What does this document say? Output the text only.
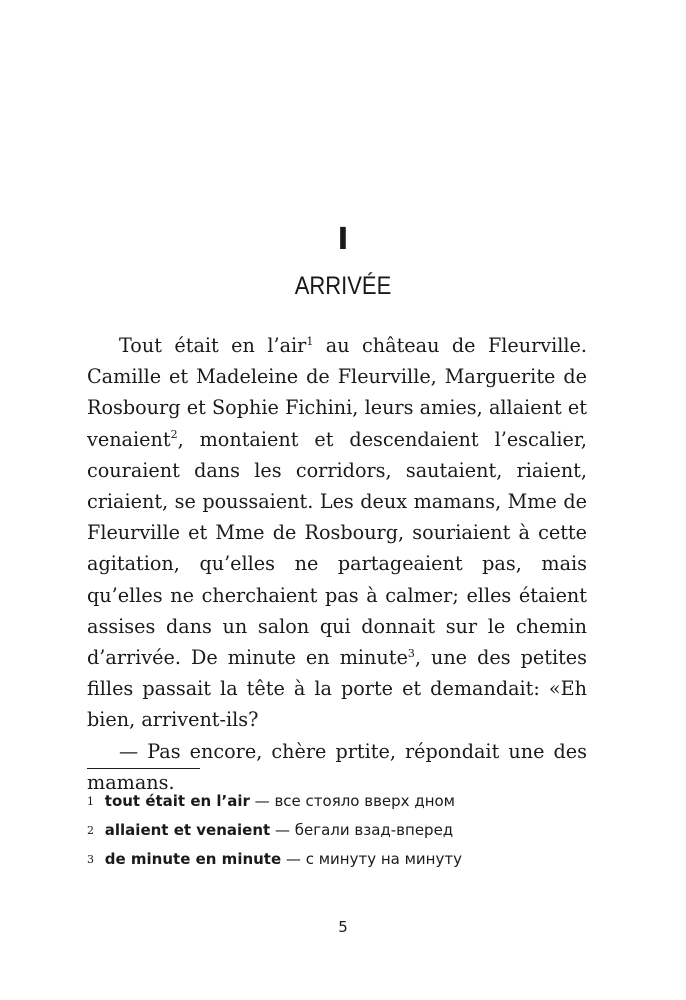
I
ARRIVÉE

Tout était en l’air$^1$ au château de Fleurville. Camille et Madeleine de Fleurville, Marguerite de Rosbourg et Sophie Fichini, leurs amies, allaient et venaient$^2$, montaient et descendaient l’escalier, couraient dans les corridors, sautaient, riaient, criaient, se poussaient. Les deux mamans, Mme de Fleurville et Mme de Rosbourg, souriaient à cette agitation, qu’elles ne partageaient pas, mais qu’elles ne cherchaient pas à calmer; elles étaient assises dans un salon qui donnait sur le chemin d’arrivée. De minute en minute$^3$, une des petites filles passait la tête à la porte et demandait: «Eh bien, arrivent-ils?

— Pas encore, chère prtite, répondait une des mamans.

1 tout était en l’air — все стояло вверх дном
2 allaient et venaient — бегали взад-вперед
3 de minute en minute — с минуту на минуту
5
